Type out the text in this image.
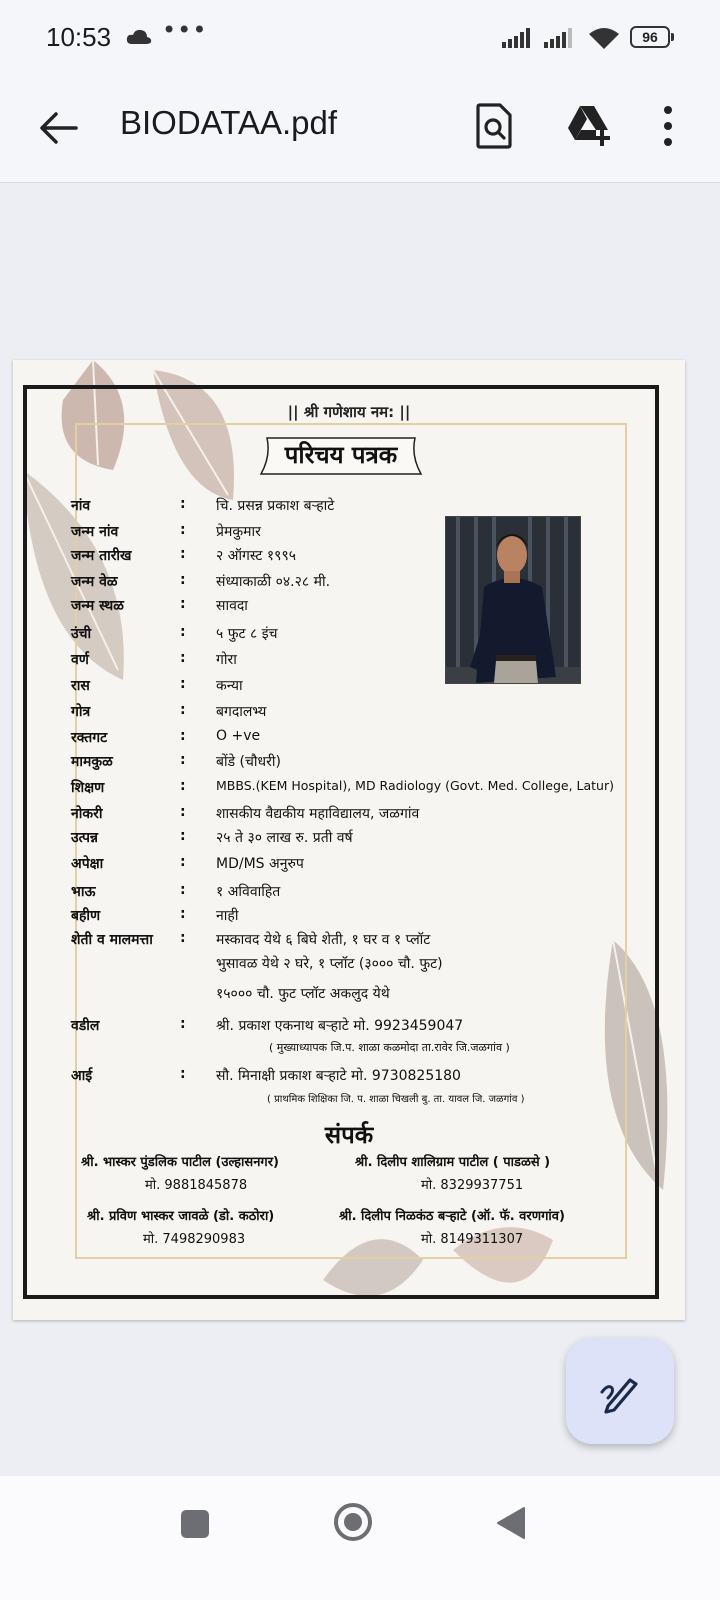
10:53 •••	96
BIODATAA.pdf
|| श्री गणेशाय नम: ||
परिचय पत्रक
नांव	: चि. प्रसन्न प्रकाश बऱ्हाटे
जन्म नांव	: प्रेमकुमार
जन्म तारीख	: २ ऑगस्ट १९९५
जन्म वेळ	: संध्याकाळी ०४.२८ मी.
जन्म स्थळ	: सावदा
उंची	: ५ फुट ८ इंच
वर्ण	: गोरा
रास	: कन्या
गोत्र	: बगदालभ्य
रक्तगट	: O +ve
मामकुळ	: बोंडे (चौधरी)
शिक्षण	: MBBS.(KEM Hospital), MD Radiology (Govt. Med. College, Latur)
नोकरी	: शासकीय वैद्यकीय महाविद्यालय, जळगांव
उत्पन्न	: २५ ते ३० लाख रु. प्रती वर्ष
अपेक्षा	: MD/MS अनुरुप
भाऊ	: १ अविवाहित
बहीण	: नाही
शेती व मालमत्ता : मस्कावद येथे ६ बिघे शेती, १ घर व १ प्लॉट
भुसावळ येथे २ घरे, १ प्लॉट (३००० चौ. फुट)
१५००० चौ. फुट प्लॉट अकलुद येथे
वडील	: श्री. प्रकाश एकनाथ बऱ्हाटे मो. 9923459047
( मुख्याध्यापक जि.प. शाळा कळमोदा ता.रावेर जि.जळगांव )
आई	: सौ. मिनाक्षी प्रकाश बऱ्हाटे मो. 9730825180
( प्राथमिक शिक्षिका जि. प. शाळा चिखली बु. ता. यावल जि. जळगांव )
संपर्क
श्री. भास्कर पुंडलिक पाटील (उल्हासनगर)
मो. 9881845878
श्री. दिलीप शालिग्राम पाटील ( पाडळसे )
मो. 8329937751
श्री. प्रविण भास्कर जावळे (डो. कठोरा)
मो. 7498290983
श्री. दिलीप निळकंठ बऱ्हाटे (ऑ. फॅ. वरणगांव)
मो. 8149311307
